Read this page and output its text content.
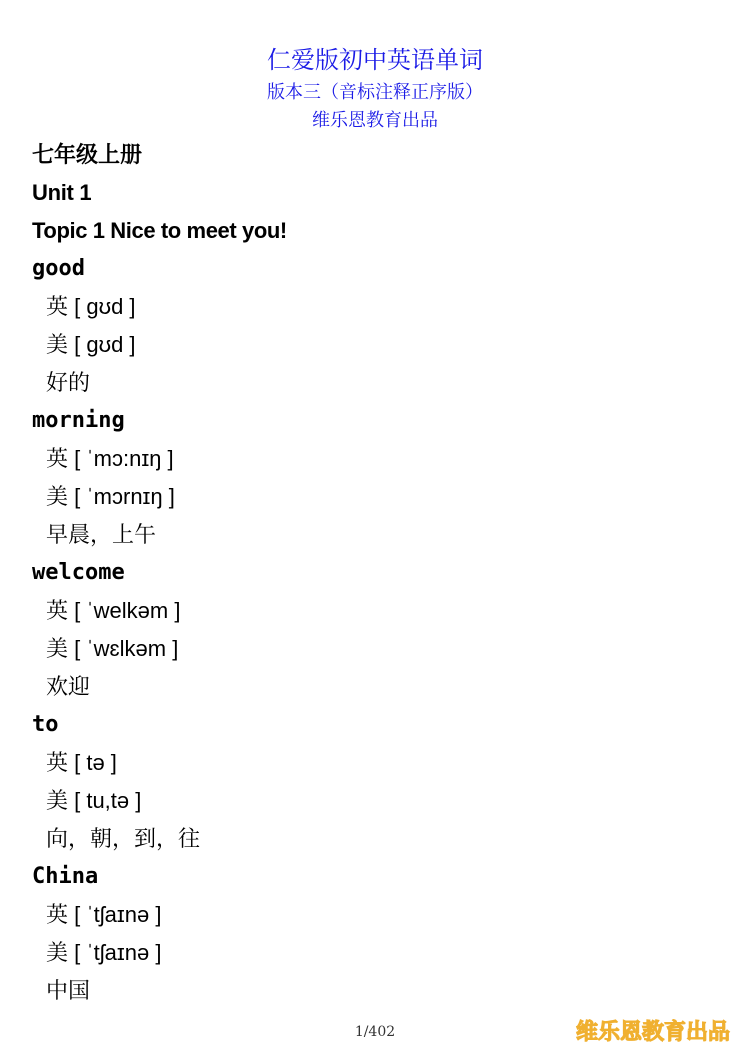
仁爱版初中英语单词
版本三（音标注释正序版）
维乐恩教育出品
七年级上册
Unit 1
Topic 1 Nice to meet you!
good
英 [ gʊd ]
美 [ gʊd ]
好的
morning
英 [ ˈmɔ:nɪŋ ]
美 [ ˈmɔrnɪŋ ]
早晨，上午
welcome
英 [ ˈwelkəm ]
美 [ ˈwɛlkəm ]
欢迎
to
英 [ tə ]
美 [ tu,tə ]
向，朝，到，往
China
英 [ ˈtʃaɪnə ]
美 [ ˈtʃaɪnə ]
中国
1/402	维乐恩教育出品
